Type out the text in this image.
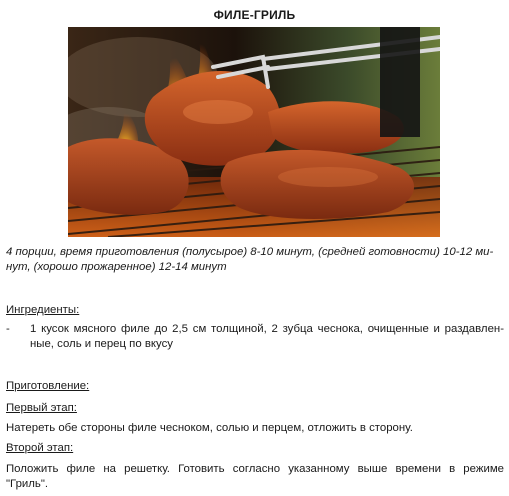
ФИЛЕ-ГРИЛЬ

4 порции, время приготовления (полусырое) 8-10 минут, (средней готовности) 10-12 ми-
нут, (хорошо прожаренное) 12-14 минут

Ингредиенты:

- 1 кусок мясного филе до 2,5 см толщиной, 2 зубца чеснока, очищенные и раздавлен-
ные, соль и перец по вкусу

Приготовление:

Первый этап:

Натереть обе стороны филе чесноком, солью и перцем, отложить в сторону.

Второй этап:

Положить филе на решетку. Готовить согласно указанному выше времени в режиме
"Гриль".
